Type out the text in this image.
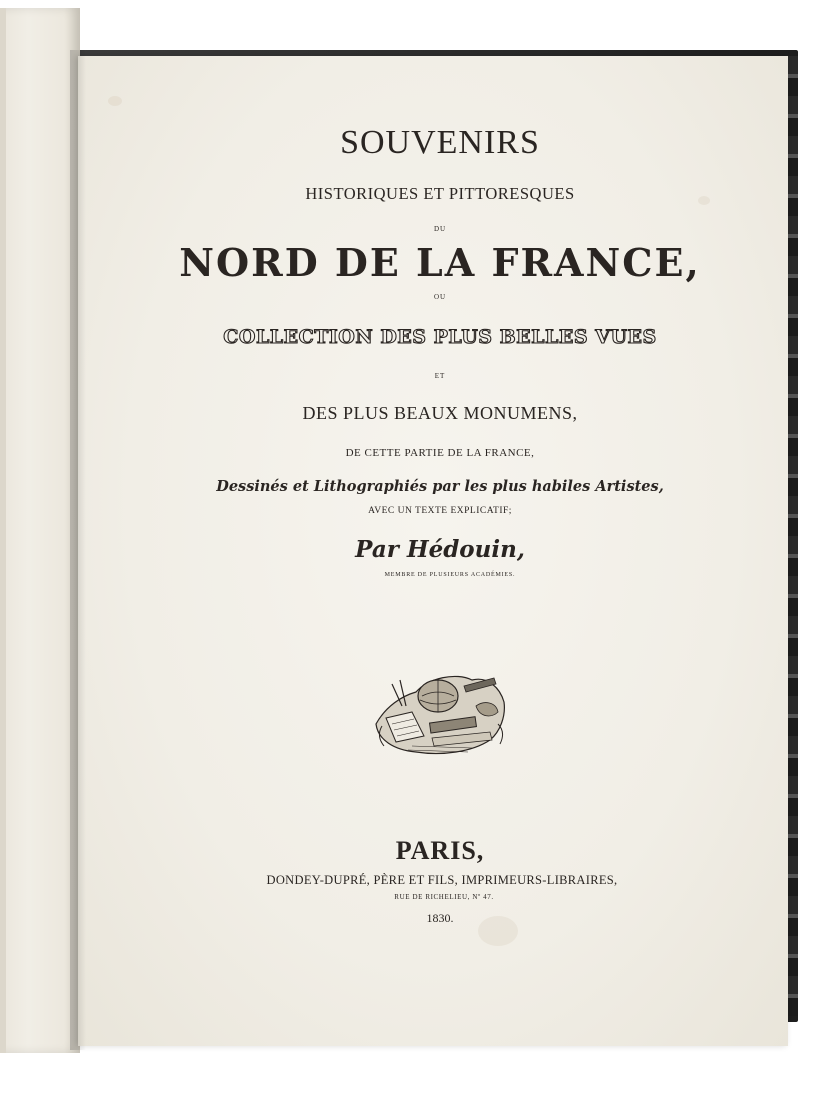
SOUVENIRS
HISTORIQUES ET PITTORESQUES
DU
NORD DE LA FRANCE,
OU
COLLECTION DES PLUS BELLES VUES
ET
DES PLUS BEAUX MONUMENS,
DE CETTE PARTIE DE LA FRANCE,
Dessinés et Lithographiés par les plus habiles Artistes,
AVEC UN TEXTE EXPLICATIF;
Par Hédouin,
MEMBRE DE PLUSIEURS ACADÉMIES.
PARIS,
DONDEY-DUPRÉ, PÈRE ET FILS, IMPRIMEURS-LIBRAIRES,
RUE DE RICHELIEU, Nº 47.
1830.
